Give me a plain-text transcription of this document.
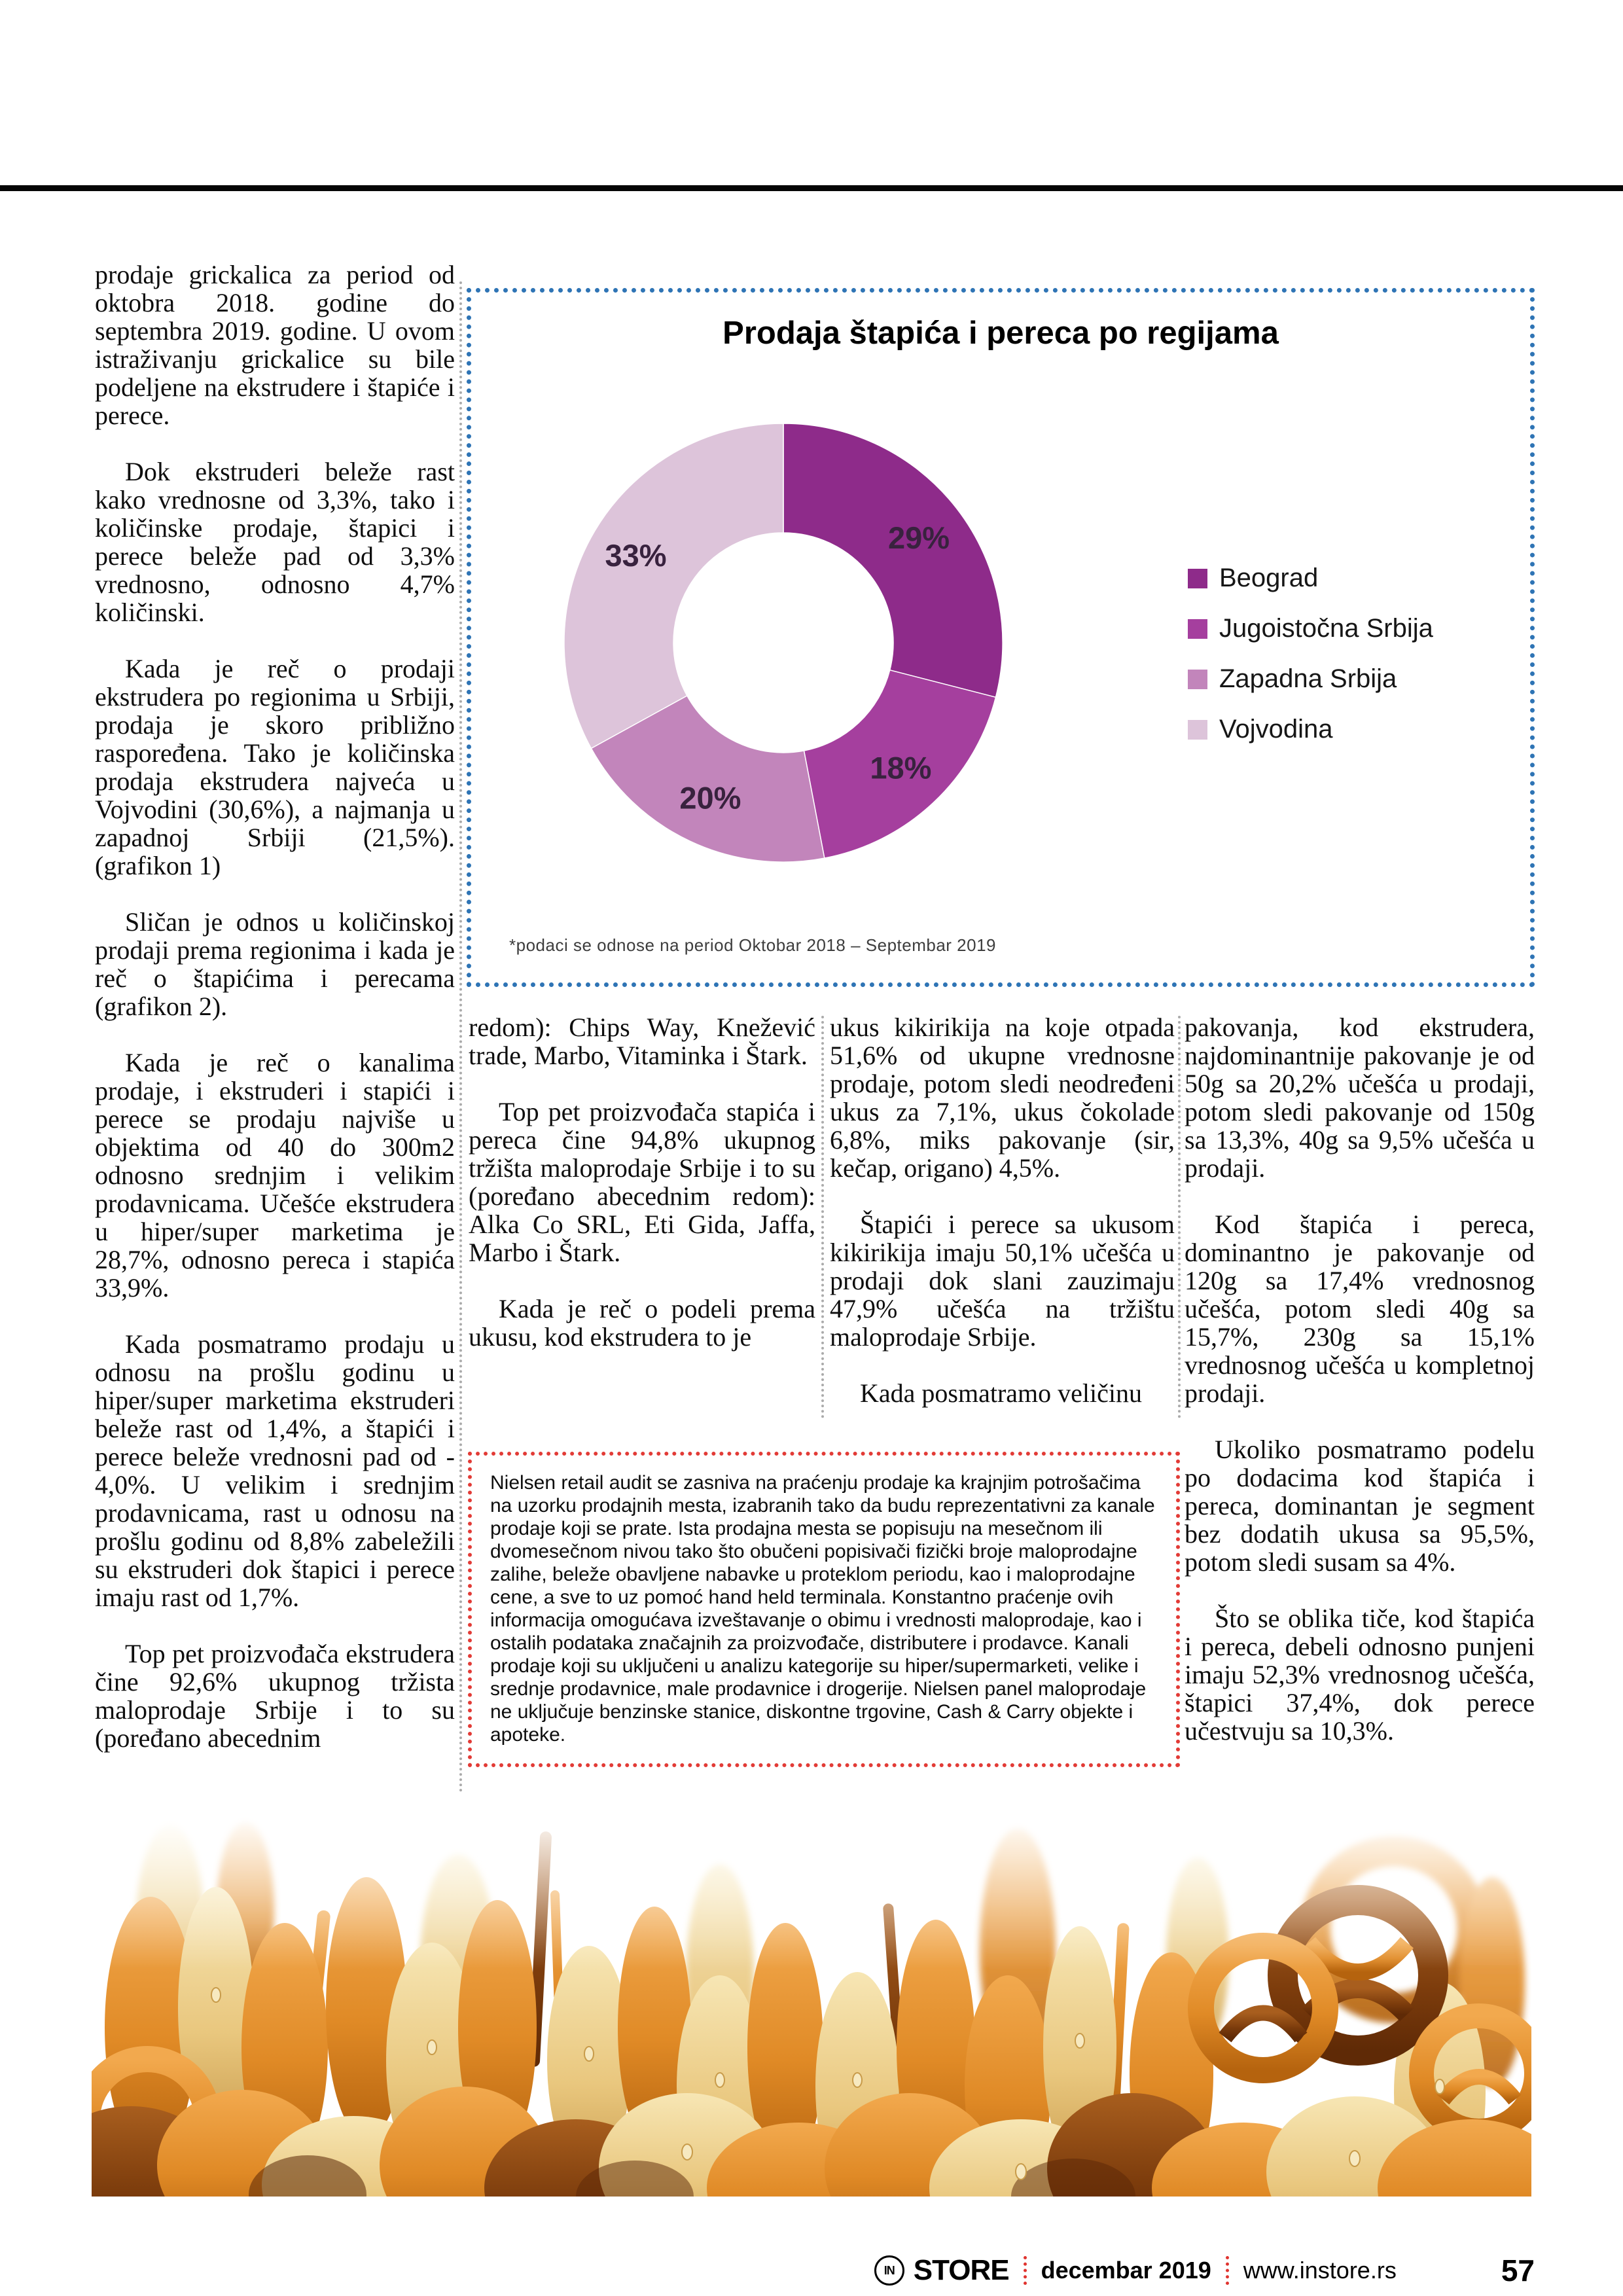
prodaje grickalica za period od oktobra 2018. godine do septembra 2019. godine. U ovom istraživanju grickalice su bile podeljene na ekstrudere i štapiće i perece.

Dok ekstruderi beleže rast kako vrednosne od 3,3%, tako i količinske prodaje, štapici i perece beleže pad od 3,3% vrednosno, odnosno 4,7% količinski.

Kada je reč o prodaji ekstrudera po regionima u Srbiji, prodaja je skoro približno raspoređena. Tako je količinska prodaja ekstrudera najveća u Vojvodini (30,6%), a najmanja u zapadnoj Srbiji (21,5%). (grafikon 1)

Sličan je odnos u količinskoj prodaji prema regionima i kada je reč o štapićima i perecama (grafikon 2).

Kada je reč o kanalima prodaje, i ekstruderi i stapići i perece se prodaju najviše u objektima od 40 do 300m2 odnosno srednjim i velikim prodavnicama. Učešće ekstrudera u hiper/super marketima je 28,7%, odnosno pereca i stapića 33,9%.

Kada posmatramo prodaju u odnosu na prošlu godinu u hiper/super marketima ekstruderi beleže rast od 1,4%, a štapići i perece beleže vrednosni pad od - 4,0%. U velikim i srednjim prodavnicama, rast u odnosu na prošlu godinu od 8,8% zabeležili su ekstruderi dok štapici i perece imaju rast od 1,7%.

Top pet proizvođača ekstrudera čine 92,6% ukupnog tržista maloprodaje Srbije i to su (poređano abecednim

Prodaja štapića i pereca po regijama
29%
18%
20%
33%
Beograd
Jugoistočna Srbija
Zapadna Srbija
Vojvodina
*podaci se odnose na period Oktobar 2018 – Septembar 2019

redom): Chips Way, Knežević trade, Marbo, Vitaminka i Štark.

Top pet proizvođača stapića i pereca čine 94,8% ukupnog tržišta maloprodaje Srbije i to su (poređano abecednim redom): Alka Co SRL, Eti Gida, Jaffa, Marbo i Štark.

Kada je reč o podeli prema ukusu, kod ekstrudera to je

ukus kikirikija na koje otpada 51,6% od ukupne vrednosne prodaje, potom sledi neodređeni ukus za 7,1%, ukus čokolade 6,8%, miks pakovanje (sir, kečap, origano) 4,5%.

Štapići i perece sa ukusom kikirikija imaju 50,1% učešća u prodaji dok slani zauzimaju 47,9% učešća na tržištu maloprodaje Srbije.

Kada posmatramo veličinu

pakovanja, kod ekstrudera, najdominantnije pakovanje je od 50g sa 20,2% učešća u prodaji, potom sledi pakovanje od 150g sa 13,3%, 40g sa 9,5% učešća u prodaji.

Kod štapića i pereca, dominantno je pakovanje od 120g sa 17,4% vrednosnog učešća, potom sledi 40g sa 15,7%, 230g sa 15,1% vrednosnog učešća u kompletnoj prodaji.

Ukoliko posmatramo podelu po dodacima kod štapića i pereca, dominantan je segment bez dodatih ukusa sa 95,5%, potom sledi susam sa 4%.

Što se oblika tiče, kod štapića i pereca, debeli odnosno punjeni imaju 52,3% vrednosnog učešća, štapici 37,4%, dok perece učestvuju sa 10,3%.

Nielsen retail audit se zasniva na praćenju prodaje ka krajnjim potrošačima na uzorku prodajnih mesta, izabranih tako da budu reprezentativni za kanale prodaje koji se prate. Ista prodajna mesta se popisuju na mesečnom ili dvomesečnom nivou tako što obučeni popisivači fizički broje maloprodajne zalihe, beleže obavljene nabavke u proteklom periodu, kao i maloprodajne cene, a sve to uz pomoć hand held terminala. Konstantno praćenje ovih informacija omogućava izveštavanje o obimu i vrednosti maloprodaje, kao i ostalih podataka značajnih za proizvođače, distributere i prodavce. Kanali prodaje koji su uključeni u analizu kategorije su hiper/supermarketi, velike i srednje prodavnice, male prodavnice i drogerije. Nielsen panel maloprodaje ne uključuje benzinske stanice, diskontne trgovine, Cash & Carry objekte i apoteke.
IN STORE decembar 2019 www.instore.rs	57
